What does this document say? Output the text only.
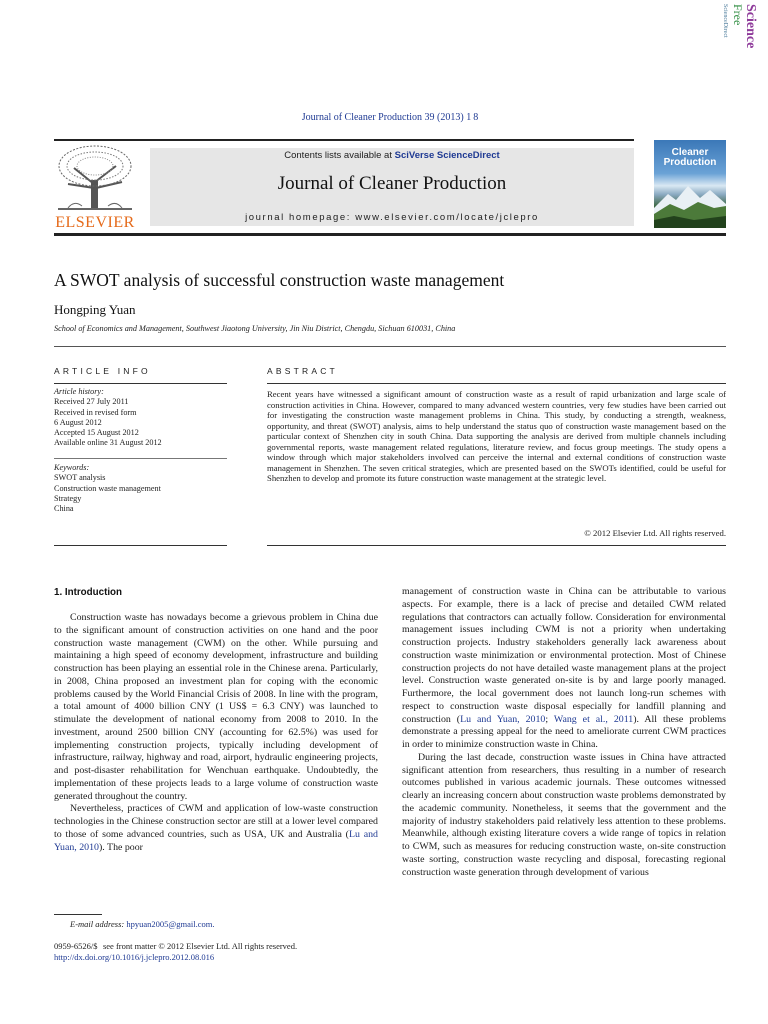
Science
Free
ScienceDirect
Journal of Cleaner Production 39 (2013) 1 8
ELSEVIER
Contents lists available at SciVerse ScienceDirect
Journal of Cleaner Production
journal homepage: www.elsevier.com/locate/jclepro
Cleaner
Production
A SWOT analysis of successful construction waste management
Hongping Yuan
School of Economics and Management, Southwest Jiaotong University, Jin Niu District, Chengdu, Sichuan 610031, China
ARTICLE INFO
Article history:
Received 27 July 2011
Received in revised form
6 August 2012
Accepted 15 August 2012
Available online 31 August 2012
Keywords:
SWOT analysis
Construction waste management
Strategy
China
ABSTRACT
Recent years have witnessed a significant amount of construction waste as a result of rapid urbanization and large scale of construction activities in China. However, compared to many advanced western countries, very few studies have been carried out for investigating the construction waste management problems in China. This study, by conducting a strength, weakness, opportunity, and threat (SWOT) analysis, aims to help understand the status quo of construction waste management based on the particular context of Shenzhen city in south China. Data supporting the analysis are derived from multiple channels including governmental reports, waste management related regulations, literature review, and focus group meetings. The study opens a window through which major stakeholders involved can perceive the internal and external conditions of construction waste management in Shenzhen. The seven critical strategies, which are presented based on the SWOTs identified, could be useful for Shenzhen to develop and promote its future construction waste management at the strategic level.
© 2012 Elsevier Ltd. All rights reserved.
1. Introduction

Construction waste has nowadays become a grievous problem in China due to the significant amount of construction activities on one hand and the poor construction waste management (CWM) on the other. While pursuing and maintaining a high speed of economy development, infrastructure and building construction has been playing an essential role in the Chinese arena. Particularly, in 2008, China proposed an investment plan for coping with the economic problems caused by the World Financial Crisis of 2008. In line with the program, a total amount of 4000 billion CNY (1 US$ = 6.3 CNY) was launched to stimulate the development of national economy from 2008 to 2010. In the investment, around 2500 billion CNY (accounting for 62.5%) was used for implementing construction projects, typically including development of infrastructure, railway, highway and road, airport, hydraulic engineering projects, and post-disaster rehabilitation for Wenchuan earthquake. Undoubtedly, the implementation of these projects leads to a large volume of construction waste generated throughout the country.

Nevertheless, practices of CWM and application of low-waste construction technologies in the Chinese construction sector are still at a lower level compared to those of some advanced countries, such as USA, UK and Australia (Lu and Yuan, 2010). The poor

management of construction waste in China can be attributable to various aspects. For example, there is a lack of precise and detailed CWM related regulations that contractors can actually follow. Consideration for environmental management issues including CWM is not a priority when undertaking construction projects. Industry stakeholders generally lack awareness about construction waste minimization or environmental protection. Most of Chinese construction projects do not have detailed waste management plans at the project level. Construction waste generated on-site is by and large poorly managed. Furthermore, the local government does not launch long-run schemes with respect to construction waste disposal especially for landfill planning and construction (Lu and Yuan, 2010; Wang et al., 2011). All these problems demonstrate a pressing appeal for the need to ameliorate current CWM practices in order to minimize construction waste in China.

During the last decade, construction waste issues in China have attracted significant attention from researchers, thus resulting in a number of research outcomes published in various academic journals. These outcomes witnessed clearly an increasing concern about construction waste problems demonstrated by the academic community. Nonetheless, it seems that the government and the majority of industry stakeholders paid relatively less attention to these problems. Meanwhile, although existing literature covers a wide range of topics in relation to CWM, such as measures for reducing construction waste, on-site construction waste sorting, construction waste recycling and disposal, forecasting regional construction waste generation through development of various

E-mail address: hpyuan2005@gmail.com.
0959-6526/$   see front matter © 2012 Elsevier Ltd. All rights reserved.
http://dx.doi.org/10.1016/j.jclepro.2012.08.016
